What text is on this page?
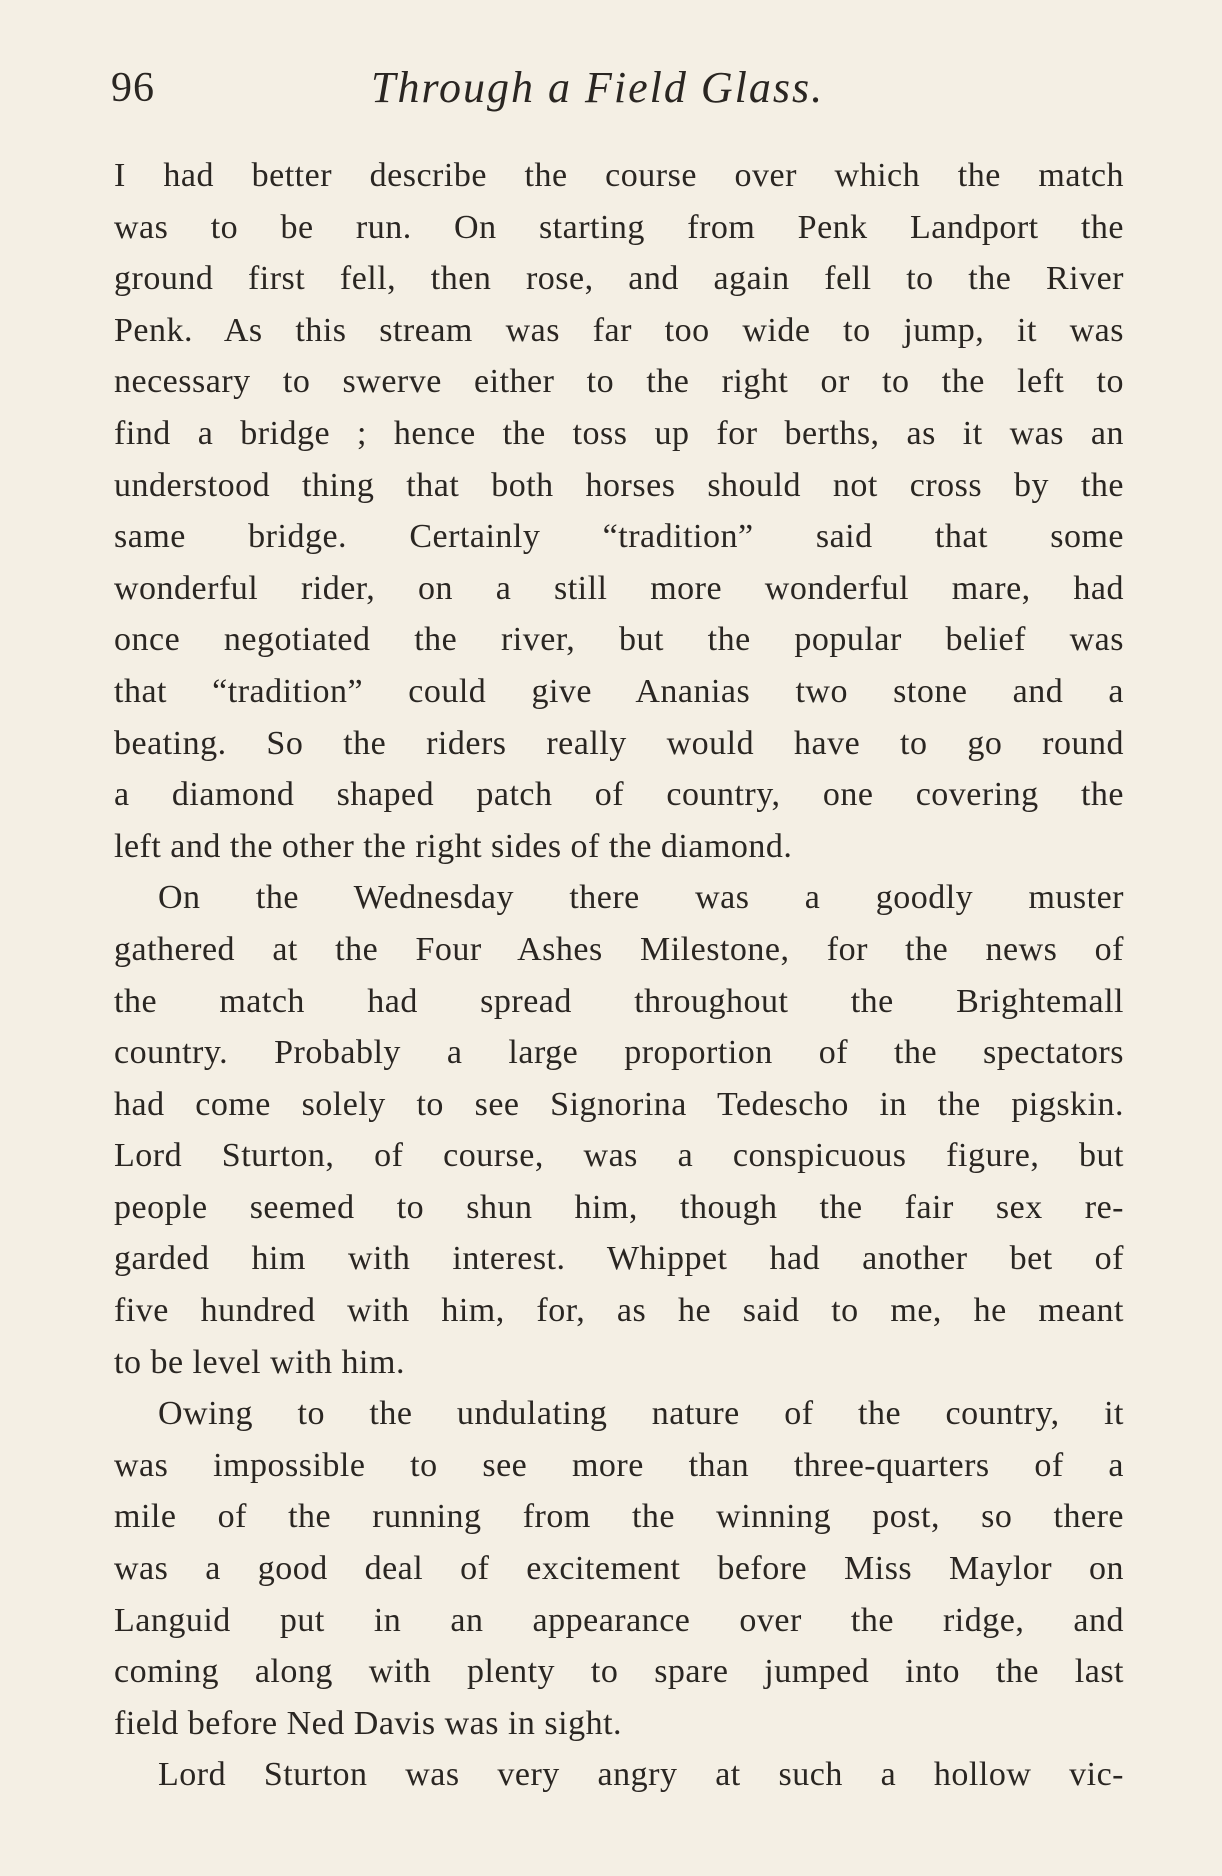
96	Through a Field Glass.
I had better describe the course over which the match
was to be run. On starting from Penk Landport the
ground first fell, then rose, and again fell to the River
Penk. As this stream was far too wide to jump, it was
necessary to swerve either to the right or to the left to
find a bridge ; hence the toss up for berths, as it was an
understood thing that both horses should not cross by the
same bridge. Certainly “tradition” said that some
wonderful rider, on a still more wonderful mare, had
once negotiated the river, but the popular belief was
that “tradition” could give Ananias two stone and a
beating. So the riders really would have to go round
a diamond shaped patch of country, one covering the
left and the other the right sides of the diamond.
On the Wednesday there was a goodly muster
gathered at the Four Ashes Milestone, for the news of
the match had spread throughout the Brightemall
country. Probably a large proportion of the spectators
had come solely to see Signorina Tedescho in the pigskin.
Lord Sturton, of course, was a conspicuous figure, but
people seemed to shun him, though the fair sex re-
garded him with interest. Whippet had another bet of
five hundred with him, for, as he said to me, he meant
to be level with him.
Owing to the undulating nature of the country, it
was impossible to see more than three-quarters of a
mile of the running from the winning post, so there
was a good deal of excitement before Miss Maylor on
Languid put in an appearance over the ridge, and
coming along with plenty to spare jumped into the last
field before Ned Davis was in sight.
Lord Sturton was very angry at such a hollow vic-
